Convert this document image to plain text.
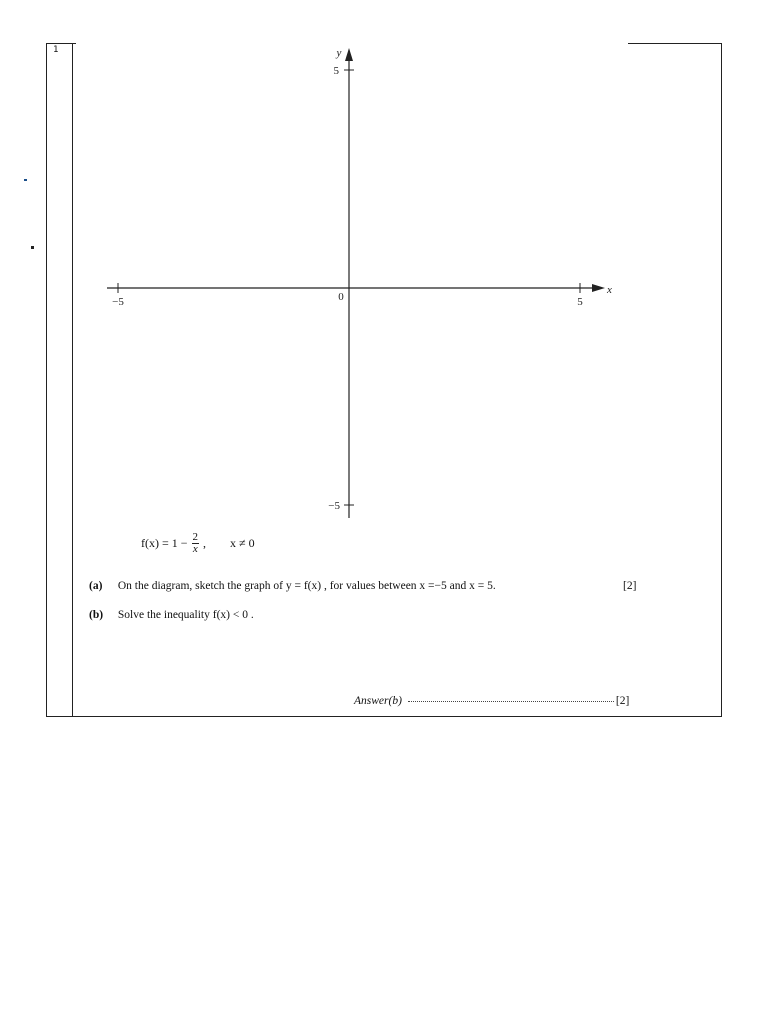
1
−5	5
x
0
5
−5
y
$f(x) = 1 - \frac{2}{x}$ , x ≠ 0
(a) On the diagram, sketch the graph of y = f(x) , for values between x =−5 and x = 5.	[2]
(b) Solve the inequality f(x) < 0 .
Answer(b)	[2]
